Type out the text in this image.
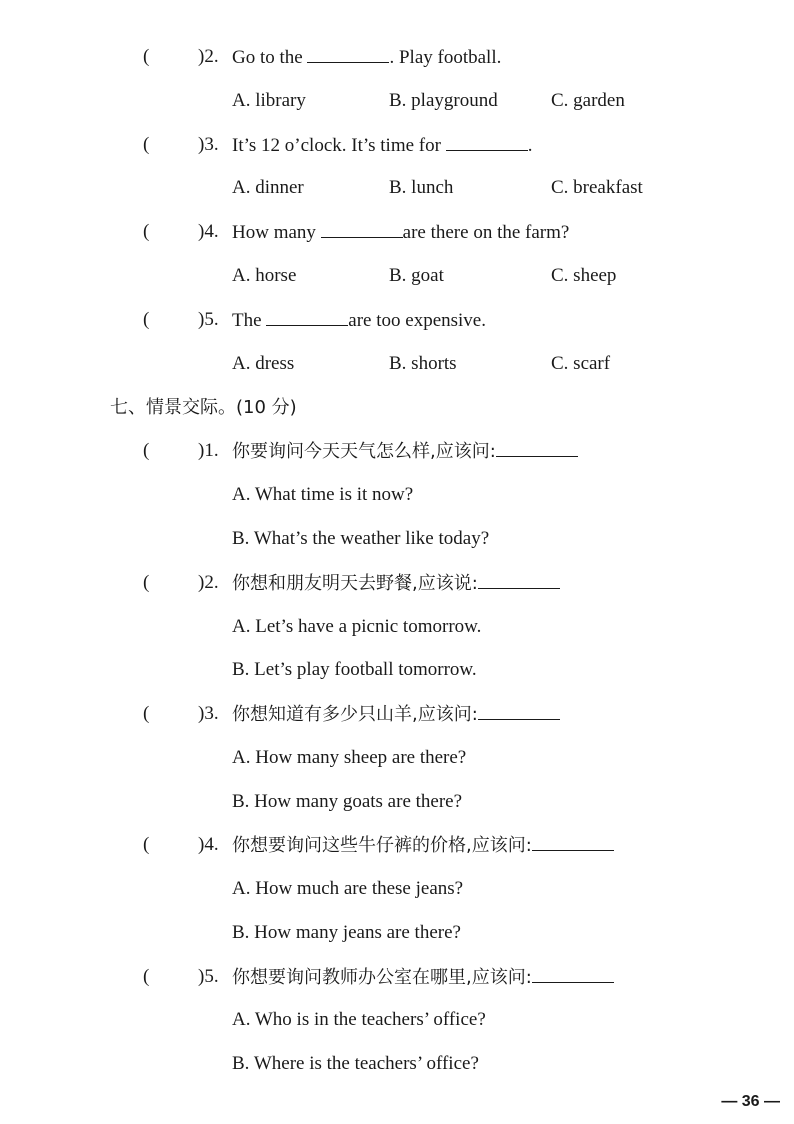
(	)2. Go to the	. Play football.
A. library	B. playground	C. garden
(	)3. It’s 12 o’clock. It’s time for	.
A. dinner	B. lunch	C. breakfast
(	)4. How many	are there on the farm?
A. horse	B. goat	C. sheep
(	)5. The	are too expensive.
A. dress	B. shorts	C. scarf
七、情景交际。(10 分)
(	)1. 你要询问今天天气怎么样,应该问:
A. What time is it now?
B. What’s the weather like today?
(	)2. 你想和朋友明天去野餐,应该说:
A. Let’s have a picnic tomorrow.
B. Let’s play football tomorrow.
(	)3. 你想知道有多少只山羊,应该问:
A. How many sheep are there?
B. How many goats are there?
(	)4. 你想要询问这些牛仔裤的价格,应该问:
A. How much are these jeans?
B. How many jeans are there?
(	)5. 你想要询问教师办公室在哪里,应该问:
A. Who is in the teachers’ office?
B. Where is the teachers’ office?
— 36 —
